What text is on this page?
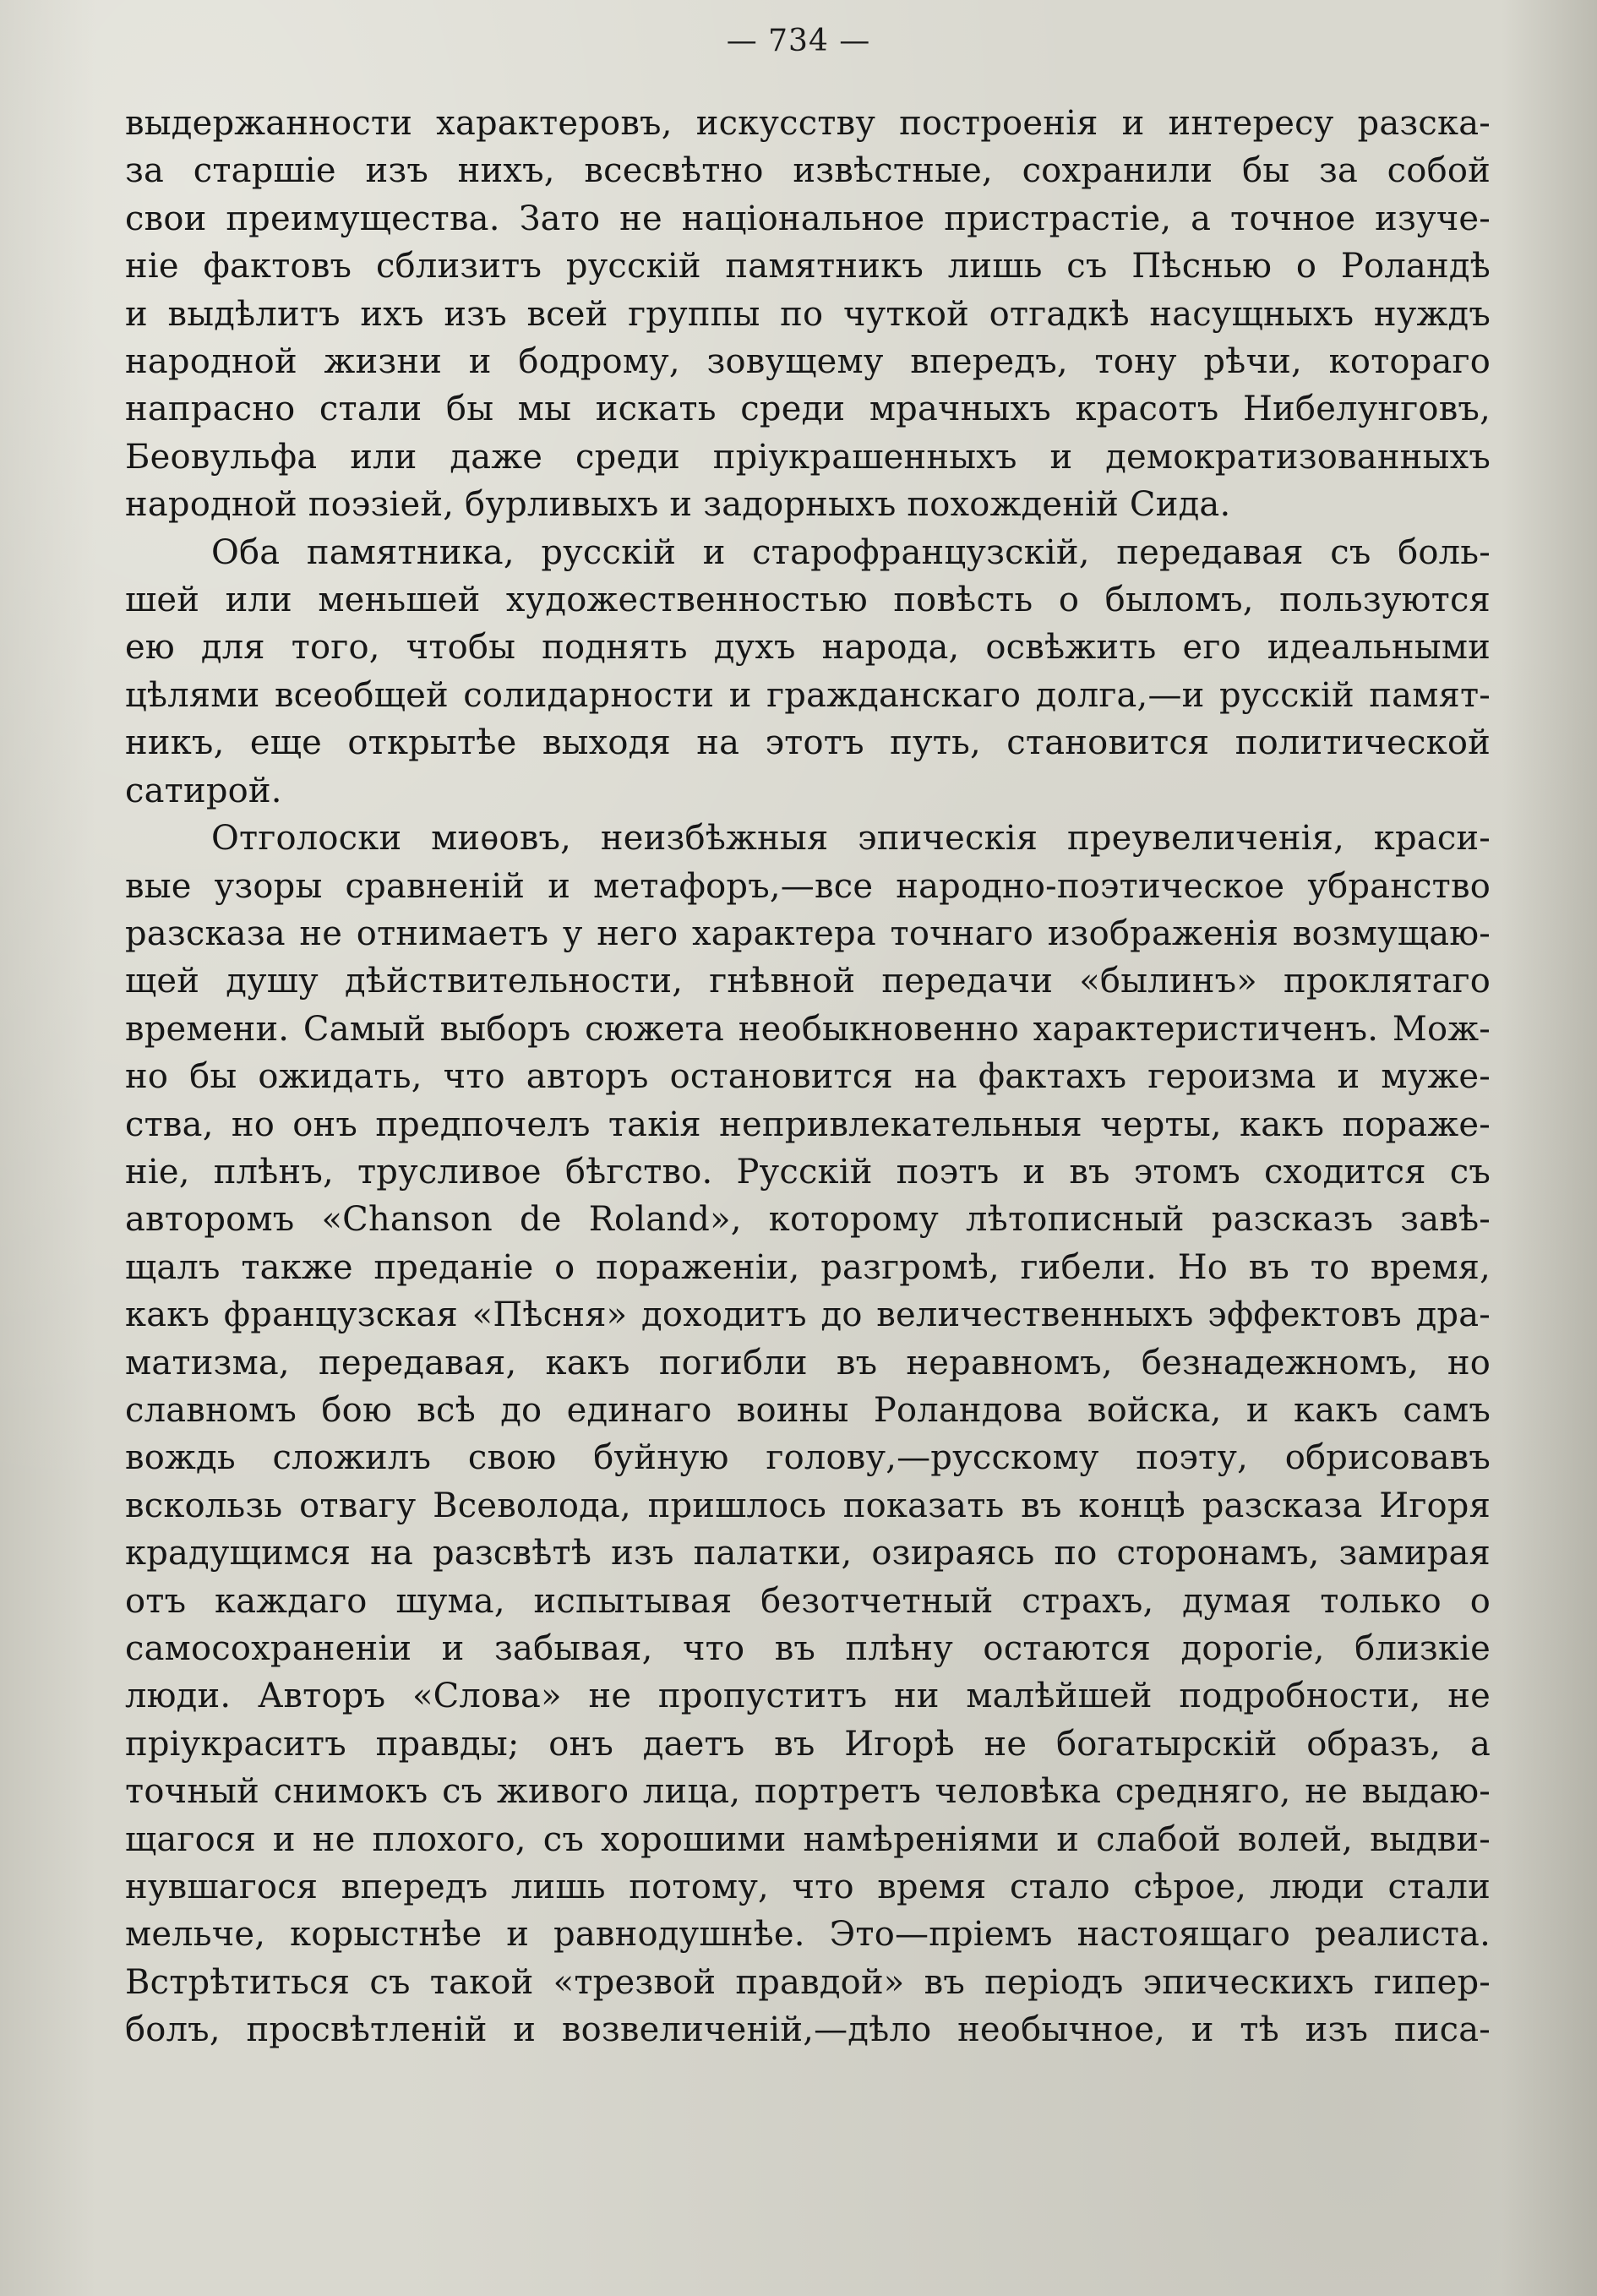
— 734 —
выдержанности характеровъ, искусству построенія и интересу разска-
за старшіе изъ нихъ, всесвѣтно извѣстные, сохранили бы за собой
свои преимущества. Зато не національное пристрастіе, а точное изуче-
ніе фактовъ сблизитъ русскій памятникъ лишь съ Пѣснью о Роландѣ
и выдѣлитъ ихъ изъ всей группы по чуткой отгадкѣ насущныхъ нуждъ
народной жизни и бодрому, зовущему впередъ, тону рѣчи, котораго
напрасно стали бы мы искать среди мрачныхъ красотъ Нибелунговъ,
Беовульфа или даже среди пріукрашенныхъ и демократизованныхъ
народной поэзіей, бурливыхъ и задорныхъ похожденій Сида.
Оба памятника, русскій и старофранцузскій, передавая съ боль-
шей или меньшей художественностью повѣсть о быломъ, пользуются
ею для того, чтобы поднять духъ народа, освѣжить его идеальными
цѣлями всеобщей солидарности и гражданскаго долга,—и русскій памят-
никъ, еще открытѣе выходя на этотъ путь, становится политической
сатирой.
Отголоски миѳовъ, неизбѣжныя эпическія преувеличенія, краси-
вые узоры сравненій и метафоръ,—все народно-поэтическое убранство
разсказа не отнимаетъ у него характера точнаго изображенія возмущаю-
щей душу дѣйствительности, гнѣвной передачи «былинъ» проклятаго
времени. Самый выборъ сюжета необыкновенно характеристиченъ. Мож-
но бы ожидать, что авторъ остановится на фактахъ героизма и муже-
ства, но онъ предпочелъ такія непривлекательныя черты, какъ пораже-
ніе, плѣнъ, трусливое бѣгство. Русскій поэтъ и въ этомъ сходится съ
авторомъ «Chanson de Roland», которому лѣтописный разсказъ завѣ-
щалъ также преданіе о пораженіи, разгромѣ, гибели. Но въ то время,
какъ французская «Пѣсня» доходитъ до величественныхъ эффектовъ дра-
матизма, передавая, какъ погибли въ неравномъ, безнадежномъ, но
славномъ бою всѣ до единаго воины Роландова войска, и какъ самъ
вождь сложилъ свою буйную голову,—русскому поэту, обрисовавъ
вскользь отвагу Всеволода, пришлось показать въ концѣ разсказа Игоря
крадущимся на разсвѣтѣ изъ палатки, озираясь по сторонамъ, замирая
отъ каждаго шума, испытывая безотчетный страхъ, думая только о
самосохраненіи и забывая, что въ плѣну остаются дорогіе, близкіе
люди. Авторъ «Слова» не пропуститъ ни малѣйшей подробности, не
пріукраситъ правды; онъ даетъ въ Игорѣ не богатырскій образъ, а
точный снимокъ съ живого лица, портретъ человѣка средняго, не выдаю-
щагося и не плохого, съ хорошими намѣреніями и слабой волей, выдви-
нувшагося впередъ лишь потому, что время стало сѣрое, люди стали
мельче, корыстнѣе и равнодушнѣе. Это—пріемъ настоящаго реалиста.
Встрѣтиться съ такой «трезвой правдой» въ періодъ эпическихъ гипер-
болъ, просвѣтленій и возвеличеній,—дѣло необычное, и тѣ изъ писа-
